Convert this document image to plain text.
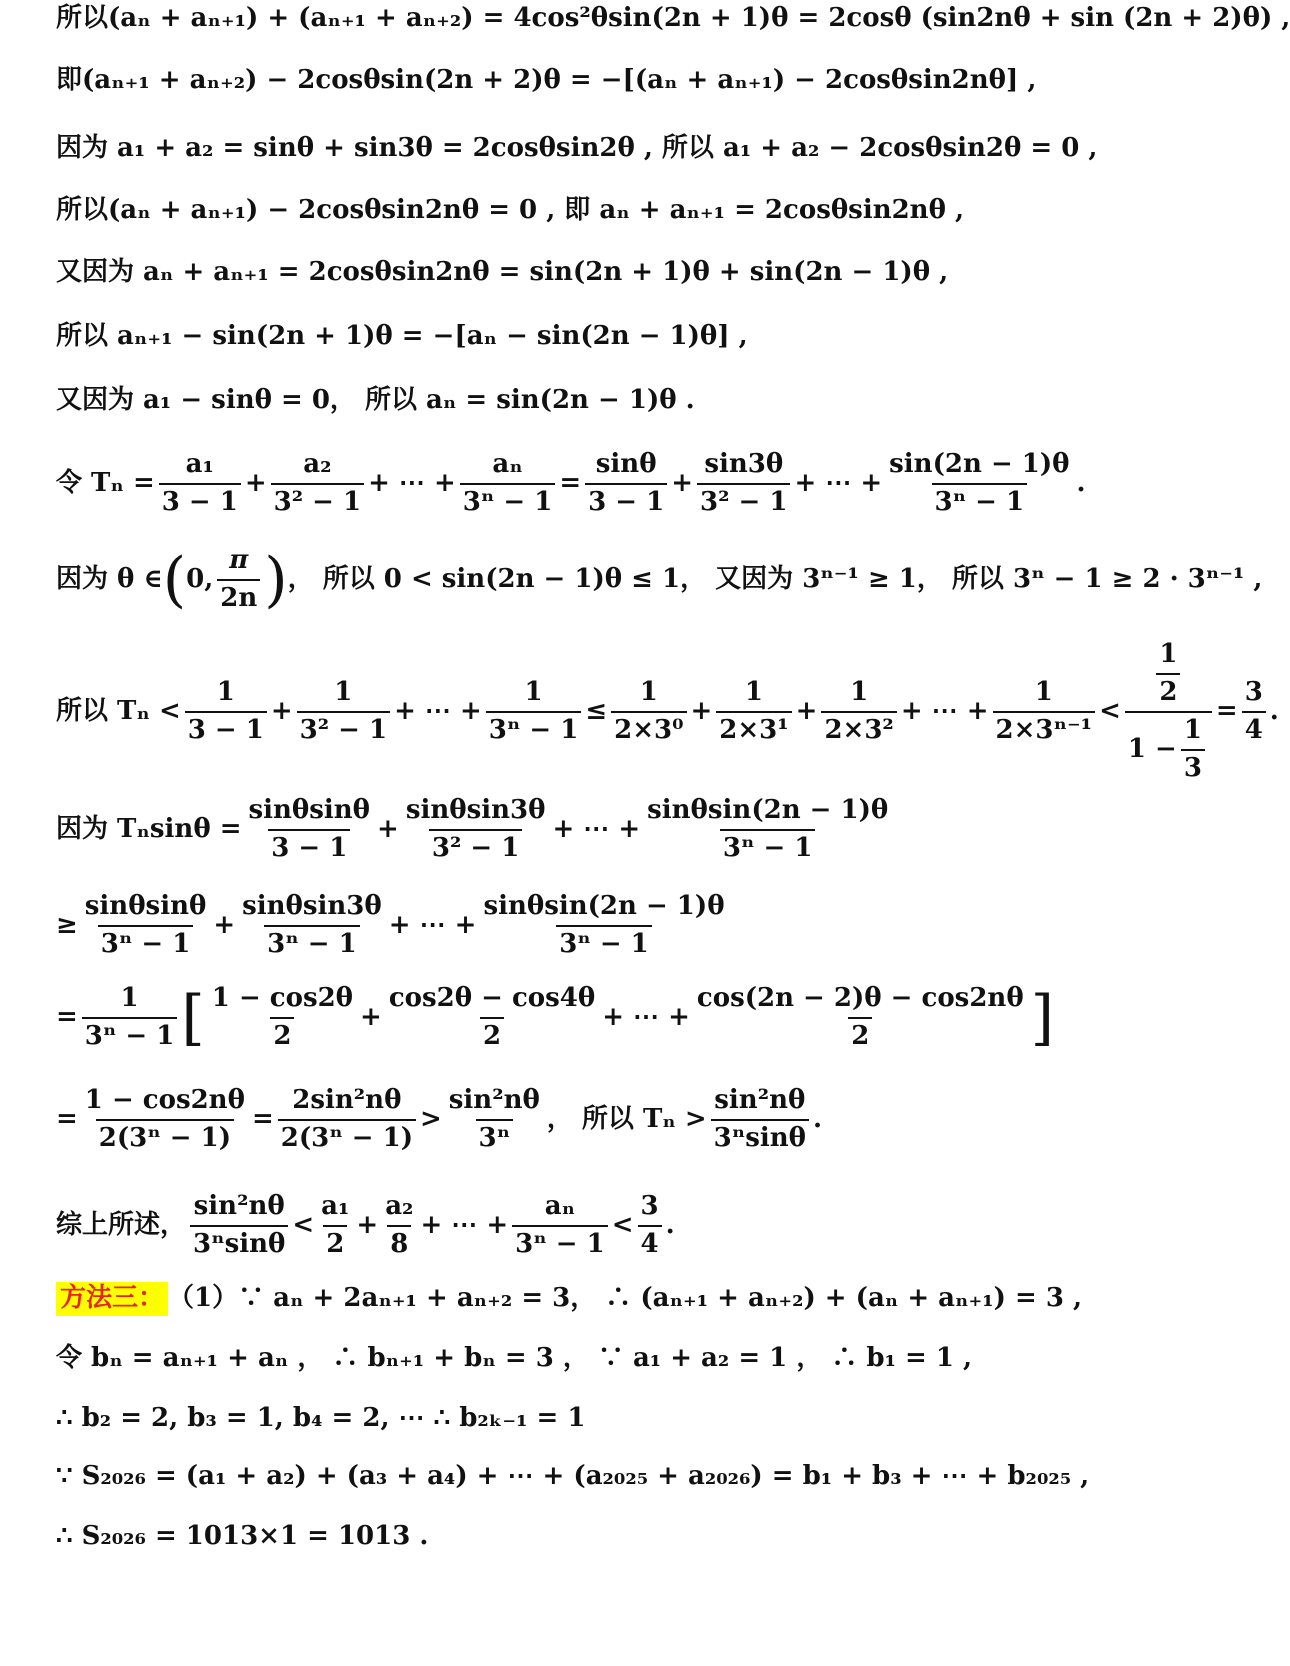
所以(aₙ + aₙ₊₁) + (aₙ₊₁ + aₙ₊₂) = 4cos²θsin(2n + 1)θ = 2cosθ (sin2nθ + sin (2n + 2)θ) ,
即(aₙ₊₁ + aₙ₊₂) − 2cosθsin(2n + 2)θ = −[(aₙ + aₙ₊₁) − 2cosθsin2nθ] ,
因为 a₁ + a₂ = sinθ + sin3θ = 2cosθsin2θ , 所以 a₁ + a₂ − 2cosθsin2θ = 0 ,
所以(aₙ + aₙ₊₁) − 2cosθsin2nθ = 0 , 即 aₙ + aₙ₊₁ = 2cosθsin2nθ ,
又因为 aₙ + aₙ₊₁ = 2cosθsin2nθ = sin(2n + 1)θ + sin(2n − 1)θ ,
所以 aₙ₊₁ − sin(2n + 1)θ = −[aₙ − sin(2n − 1)θ] ,
又因为 a₁ − sinθ = 0， 所以 aₙ = sin(2n − 1)θ .
令 $T_n = \frac{\text{a₁}}{3 - 1} + \frac{\text{a₂}}{\text{3² − 1}}$ + ⋯ + $\frac{\text{aₙ}}{\text{3ⁿ − 1}} = \frac{\sin\theta}{3 - 1} + \frac{\sin 3\theta}{\text{3² − 1}}$ + ⋯ + $\frac{\sin(2n - 1)\theta}{\text{3ⁿ − 1}}$ .
因为 θ ∈ ( 0, $\frac{\pi}{2n}$ ) ， 所以 0 < sin(2n − 1)θ ≤ 1， 又因为 3ⁿ⁻¹ ≥ 1， 所以 3ⁿ − 1 ≥ 2 · 3ⁿ⁻¹ ,
所以 $T_n < \frac{1}{3 - 1} + \frac{1}{\text{3² − 1}}$ + ⋯ + $\frac{1}{\text{3ⁿ − 1}} \le \frac{1}{\text{2×3⁰}} + \frac{1}{\text{2×3¹}} + \frac{1}{\text{2×3²}}$ + ⋯ + $\frac{1}{\text{2×3ⁿ⁻¹}} < \frac{\frac{1}{2}}{1 - \frac{1}{3}} = \frac{3}{4}$ .
因为 $T_n\sin\theta = \frac{\sin\theta\sin\theta}{3 - 1} + \frac{\sin\theta\sin 3\theta}{\text{3² − 1}}$ + ⋯ + $\frac{\sin\theta\sin(2n - 1)\theta}{\text{3ⁿ − 1}}$
≥ $\frac{\sin\theta\sin\theta}{\text{3ⁿ − 1}} + \frac{\sin\theta\sin 3\theta}{\text{3ⁿ − 1}}$ + ⋯ + $\frac{\sin\theta\sin(2n - 1)\theta}{\text{3ⁿ − 1}}$
= $\frac{1}{\text{3ⁿ − 1}}$ [ $\frac{1 - \cos 2\theta}{2} + \frac{\cos 2\theta - \cos 4\theta}{2}$ + ⋯ + $\frac{\cos(2n - 2)\theta - \cos 2n\theta}{2}$ ]
= $\frac{1 - \cos 2n\theta}{\text{2(3ⁿ − 1)}} = \frac{\text{2sin²nθ}}{\text{2(3ⁿ − 1)}} > \frac{\text{sin²nθ}}{\text{3ⁿ}}$ ， 所以 $T_n > \frac{\text{sin²nθ}}{\text{3ⁿsinθ}}$ .
综上所述， $\frac{\text{sin²nθ}}{\text{3ⁿsinθ}} < \frac{\text{a₁}}{2} + \frac{\text{a₂}}{8}$ + ⋯ + $\frac{\text{aₙ}}{\text{3ⁿ − 1}} < \frac{3}{4}$ .
方法三： （1）∵ aₙ + 2aₙ₊₁ + aₙ₊₂ = 3， ∴ (aₙ₊₁ + aₙ₊₂) + (aₙ + aₙ₊₁) = 3 ,
令 bₙ = aₙ₊₁ + aₙ ， ∴ bₙ₊₁ + bₙ = 3 ， ∵ a₁ + a₂ = 1 ， ∴ b₁ = 1 ,
∴ b₂ = 2, b₃ = 1, b₄ = 2, ⋯ ∴ b₂ₖ₋₁ = 1
∵ S₂₀₂₆ = (a₁ + a₂) + (a₃ + a₄) + ⋯ + (a₂₀₂₅ + a₂₀₂₆) = b₁ + b₃ + ⋯ + b₂₀₂₅ ,
∴ S₂₀₂₆ = 1013×1 = 1013 .
